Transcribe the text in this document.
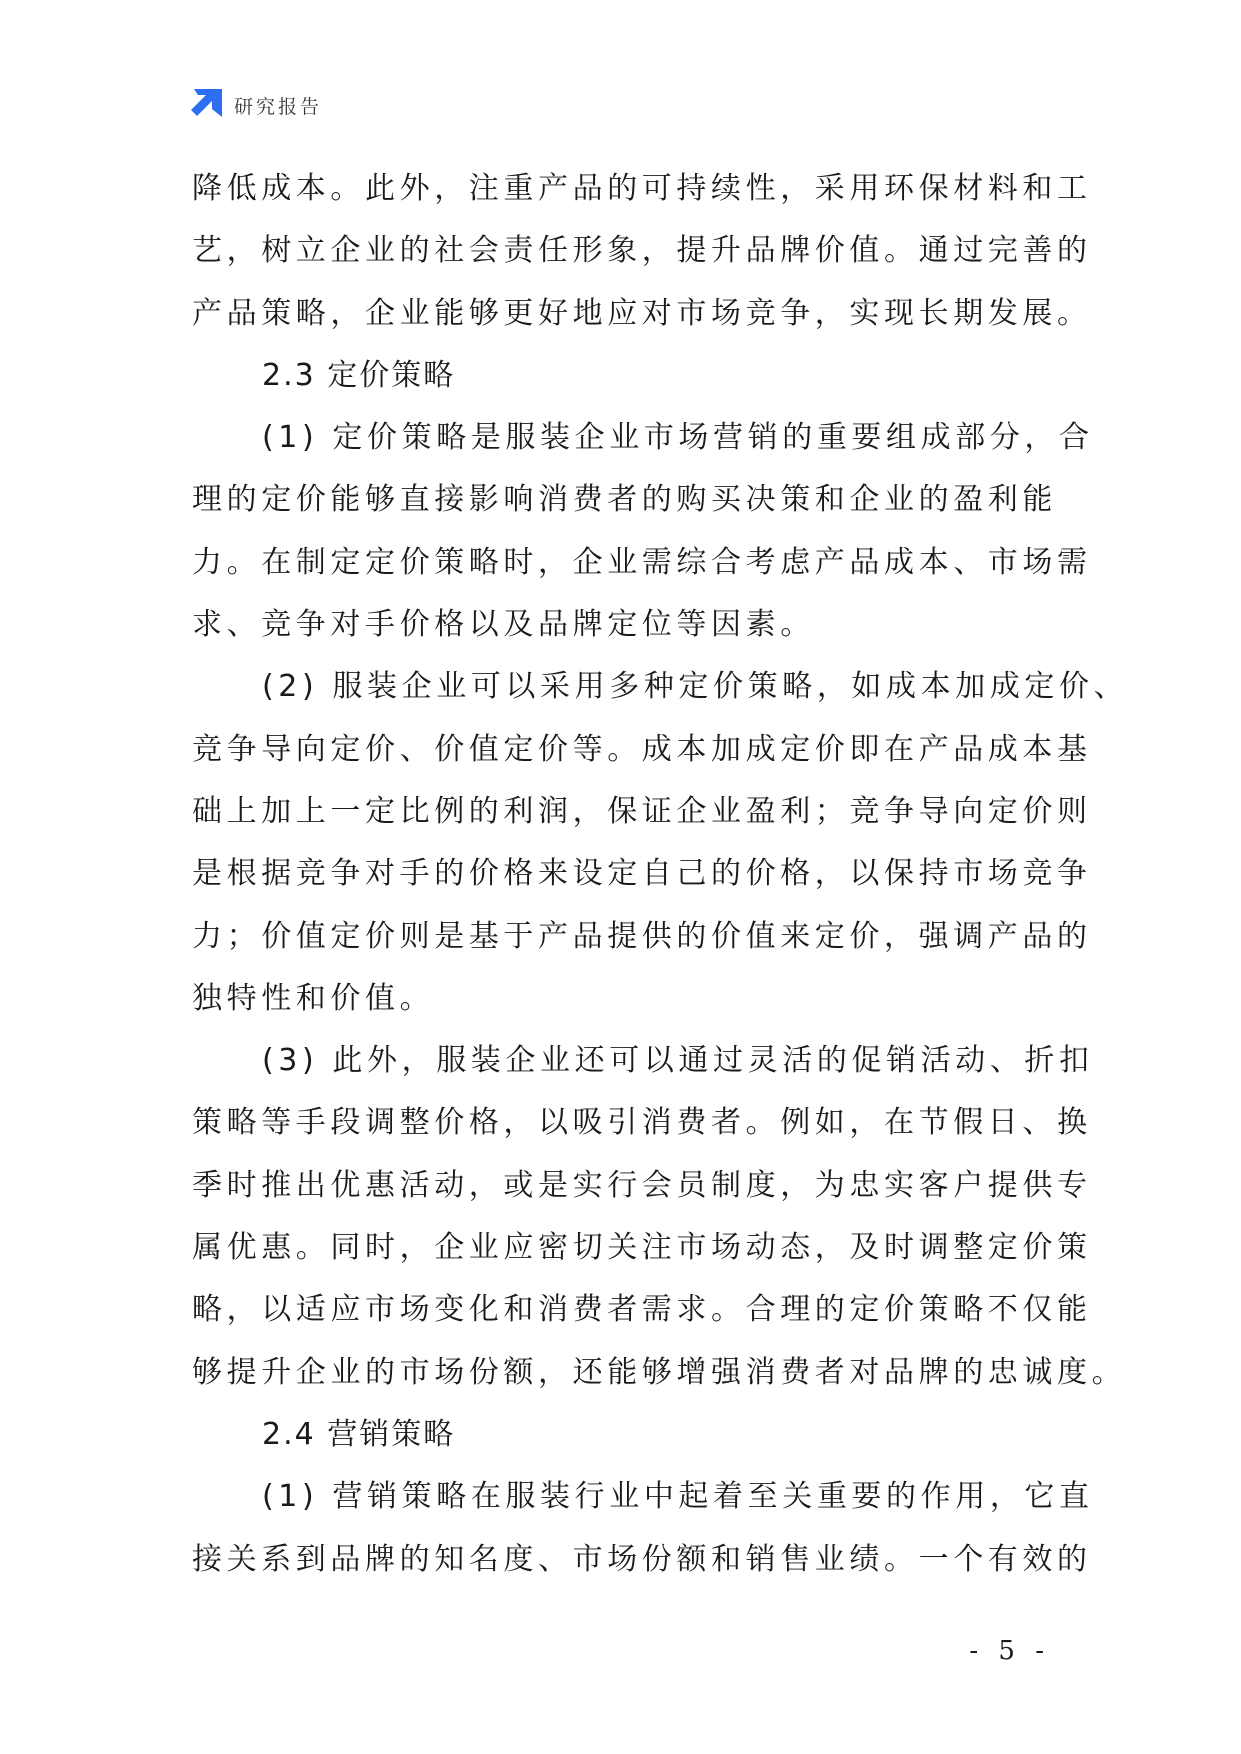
研究报告
降低成本。此外，注重产品的可持续性，采用环保材料和工
艺，树立企业的社会责任形象，提升品牌价值。通过完善的
产品策略，企业能够更好地应对市场竞争，实现长期发展。
2.3 定价策略
(1) 定价策略是服装企业市场营销的重要组成部分，合
理的定价能够直接影响消费者的购买决策和企业的盈利能
力。在制定定价策略时，企业需综合考虑产品成本、市场需
求、竞争对手价格以及品牌定位等因素。
(2) 服装企业可以采用多种定价策略，如成本加成定价、
竞争导向定价、价值定价等。成本加成定价即在产品成本基
础上加上一定比例的利润，保证企业盈利；竞争导向定价则
是根据竞争对手的价格来设定自己的价格，以保持市场竞争
力；价值定价则是基于产品提供的价值来定价，强调产品的
独特性和价值。
(3) 此外，服装企业还可以通过灵活的促销活动、折扣
策略等手段调整价格，以吸引消费者。例如，在节假日、换
季时推出优惠活动，或是实行会员制度，为忠实客户提供专
属优惠。同时，企业应密切关注市场动态，及时调整定价策
略，以适应市场变化和消费者需求。合理的定价策略不仅能
够提升企业的市场份额，还能够增强消费者对品牌的忠诚度。
2.4 营销策略
(1) 营销策略在服装行业中起着至关重要的作用，它直
接关系到品牌的知名度、市场份额和销售业绩。一个有效的
- 5 -
